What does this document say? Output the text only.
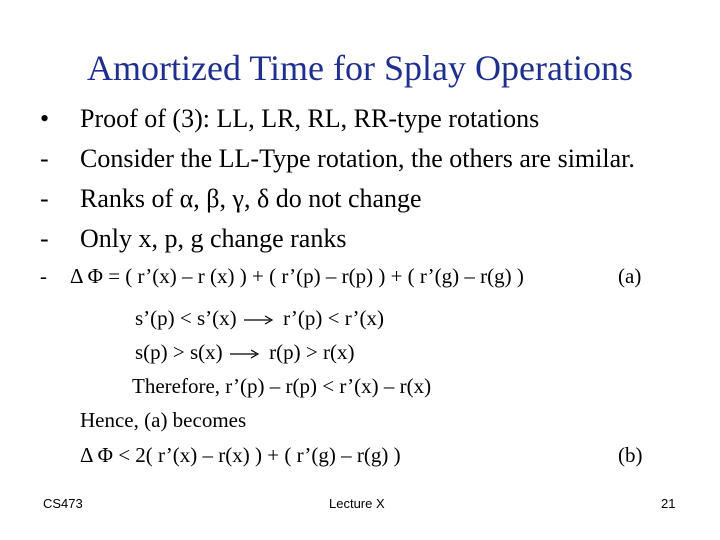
Amortized Time for Splay Operations
• Proof of (3): LL, LR, RL, RR-type rotations
- Consider the LL-Type rotation, the others are similar.
- Ranks of α, β, γ, δ do not change
- Only x, p, g change ranks
- Δ Φ = ( r’(x) – r (x) ) + ( r’(p) – r(p) ) + ( r’(g) – r(g) )	(a)
s’(p) < s’(x) r’(p) < r’(x)
s(p) > s(x) r(p) > r(x)
Therefore, r’(p) – r(p) < r’(x) – r(x)
Hence, (a) becomes
Δ Φ < 2( r’(x) – r(x) ) + ( r’(g) – r(g) )	(b)
CS473	Lecture X	21
